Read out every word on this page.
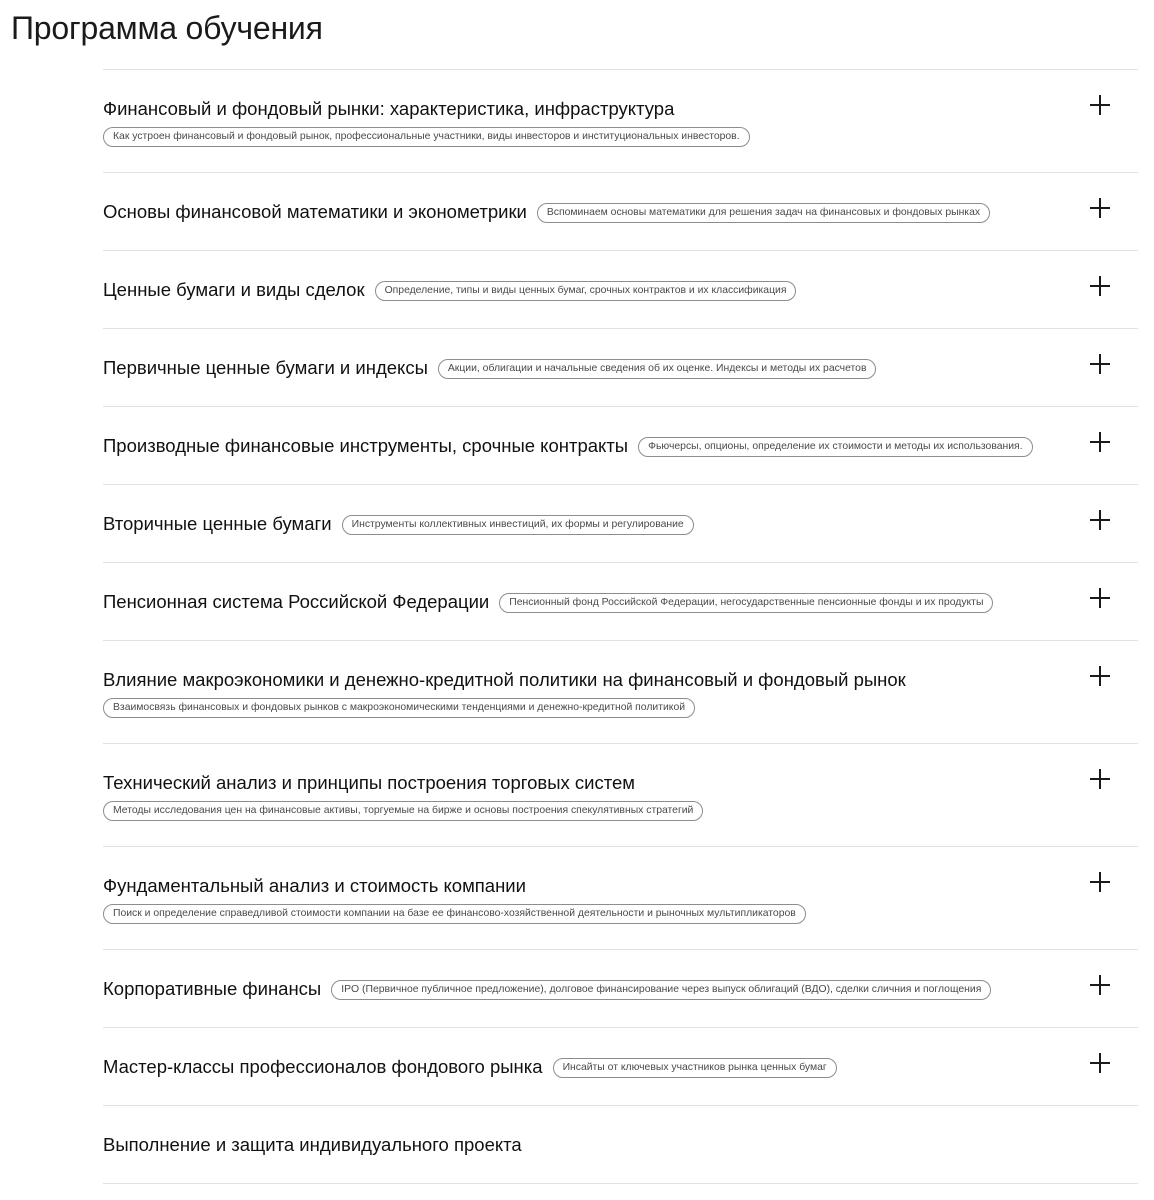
Программа обучения
Финансовый и фондовый рынки: характеристика, инфраструктура
Как устроен финансовый и фондовый рынок, профессиональные участники, виды инвесторов и институциональных инвесторов.
Основы финансовой математики и эконометрики	Вспоминаем основы математики для решения задач на финансовых и фондовых рынках
Ценные бумаги и виды сделок	Определение, типы и виды ценных бумаг, срочных контрактов и их классификация
Первичные ценные бумаги и индексы	Акции, облигации и начальные сведения об их оценке. Индексы и методы их расчетов
Производные финансовые инструменты, срочные контракты	Фьючерсы, опционы, определение их стоимости и методы их использования.
Вторичные ценные бумаги	Инструменты коллективных инвестиций, их формы и регулирование
Пенсионная система Российской Федерации	Пенсионный фонд Российской Федерации, негосударственные пенсионные фонды и их продукты
Влияние макроэкономики и денежно-кредитной политики на финансовый и фондовый рынок
Взаимосвязь финансовых и фондовых рынков с макроэкономическими тенденциями и денежно-кредитной политикой
Технический анализ и принципы построения торговых систем
Методы исследования цен на финансовые активы, торгуемые на бирже и основы построения спекулятивных стратегий
Фундаментальный анализ и стоимость компании
Поиск и определение справедливой стоимости компании на базе ее финансово-хозяйственной деятельности и рыночных мультипликаторов
Корпоративные финансы	IPO (Первичное публичное предложение), долговое финансирование через выпуск облигаций (ВДО), сделки сличния и поглощения
Мастер-классы профессионалов фондового рынка	Инсайты от ключевых участников рынка ценных бумаг
Выполнение и защита индивидуального проекта
